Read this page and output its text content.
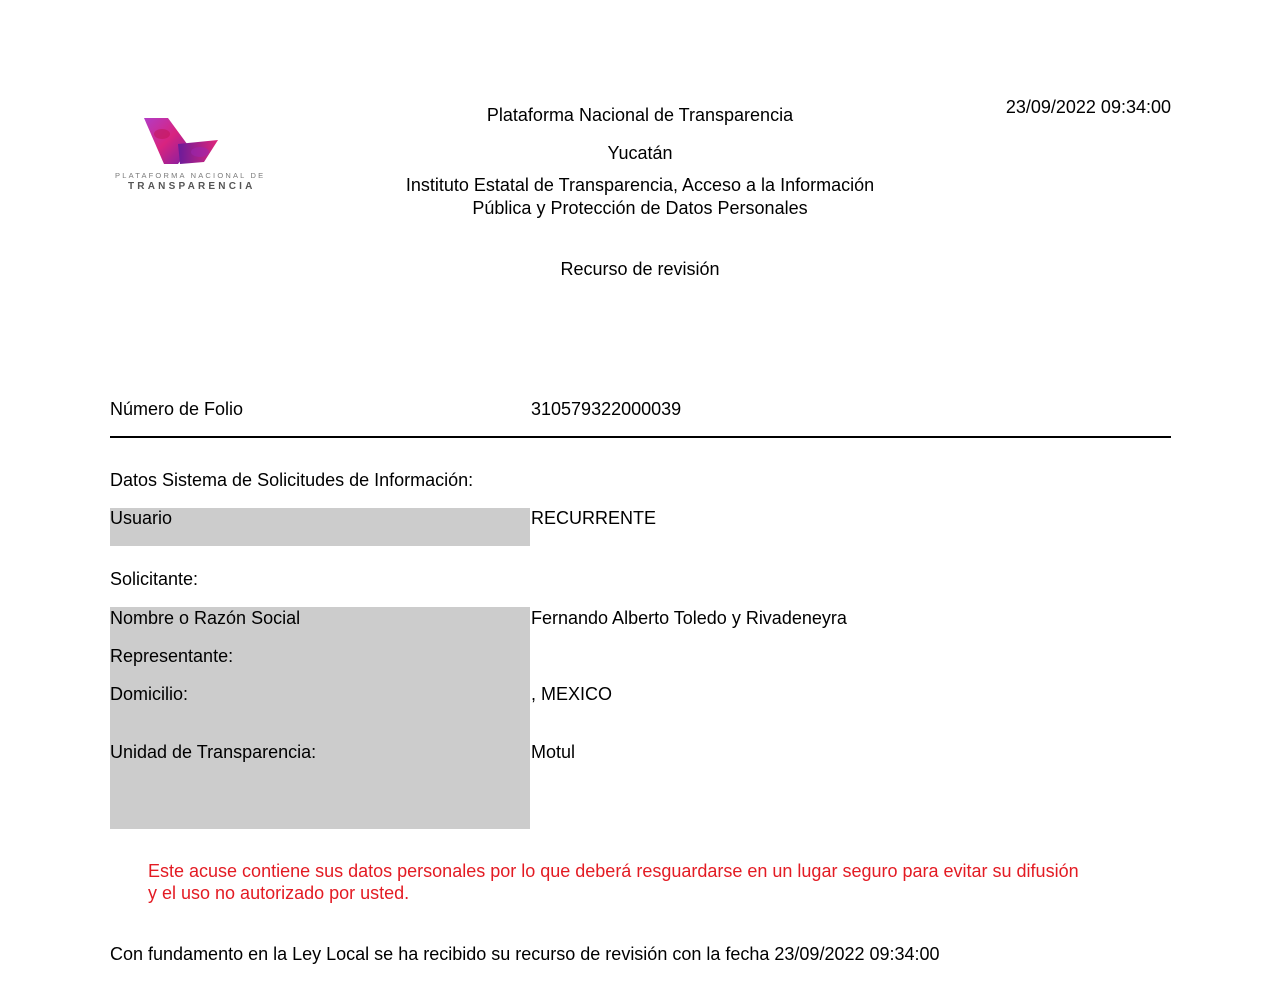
PLATAFORMA NACIONAL DE
TRANSPARENCIA
Plataforma Nacional de Transparencia	23/09/2022 09:34:00
Yucatán
Instituto Estatal de Transparencia, Acceso a la Información
Pública y Protección de Datos Personales
Recurso de revisión
Número de Folio	310579322000039
Datos Sistema de Solicitudes de Información:
Usuario	RECURRENTE
Solicitante:
Nombre o Razón Social	Fernando Alberto Toledo y Rivadeneyra
Representante:
Domicilio:	, MEXICO
Unidad de Transparencia:	Motul
Este acuse contiene sus datos personales por lo que deberá resguardarse en un lugar seguro para evitar su difusión
y el uso no autorizado por usted.
Con fundamento en la Ley Local se ha recibido su recurso de revisión con la fecha 23/09/2022 09:34:00
